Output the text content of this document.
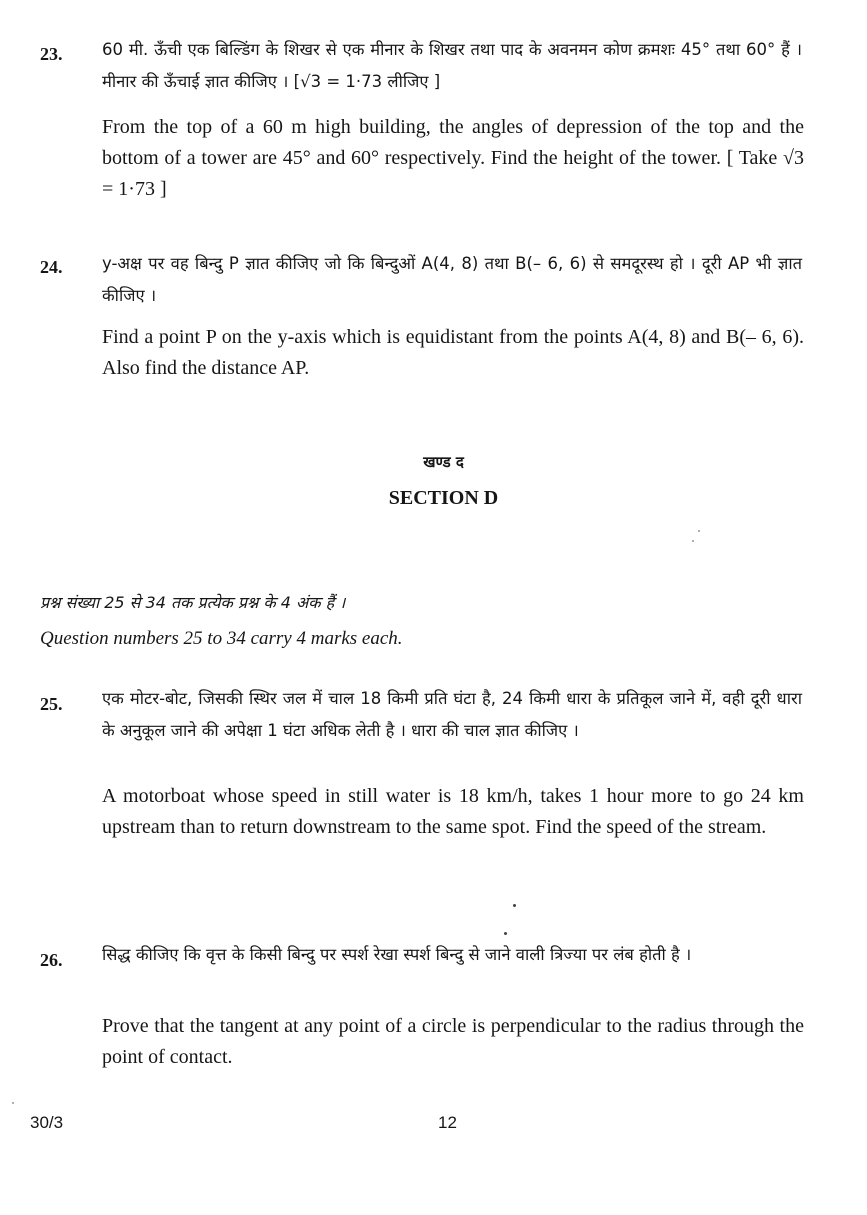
23. 60 मी. ऊँची एक बिल्डिंग के शिखर से एक मीनार के शिखर तथा पाद के अवनमन कोण क्रमशः 45° तथा 60° हैं । मीनार की ऊँचाई ज्ञात कीजिए । [√3 = 1·73 लीजिए ]

From the top of a 60 m high building, the angles of depression of the top and the bottom of a tower are 45° and 60° respectively. Find the height of the tower. [ Take √3 = 1·73 ]

24. y-अक्ष पर वह बिन्दु P ज्ञात कीजिए जो कि बिन्दुओं A(4, 8) तथा B(– 6, 6) से समदूरस्थ हो । दूरी AP भी ज्ञात कीजिए ।

Find a point P on the y-axis which is equidistant from the points A(4, 8) and B(– 6, 6). Also find the distance AP.

खण्ड द
SECTION D
प्रश्न संख्या 25 से 34 तक प्रत्येक प्रश्न के 4 अंक हैं ।
Question numbers 25 to 34 carry 4 marks each.
25. एक मोटर-बोट, जिसकी स्थिर जल में चाल 18 किमी प्रति घंटा है, 24 किमी धारा के प्रतिकूल जाने में, वही दूरी धारा के अनुकूल जाने की अपेक्षा 1 घंटा अधिक लेती है । धारा की चाल ज्ञात कीजिए ।

A motorboat whose speed in still water is 18 km/h, takes 1 hour more to go 24 km upstream than to return downstream to the same spot. Find the speed of the stream.

26. सिद्ध कीजिए कि वृत्त के किसी बिन्दु पर स्पर्श रेखा स्पर्श बिन्दु से जाने वाली त्रिज्या पर लंब होती है ।

Prove that the tangent at any point of a circle is perpendicular to the radius through the point of contact.

30/3	12
